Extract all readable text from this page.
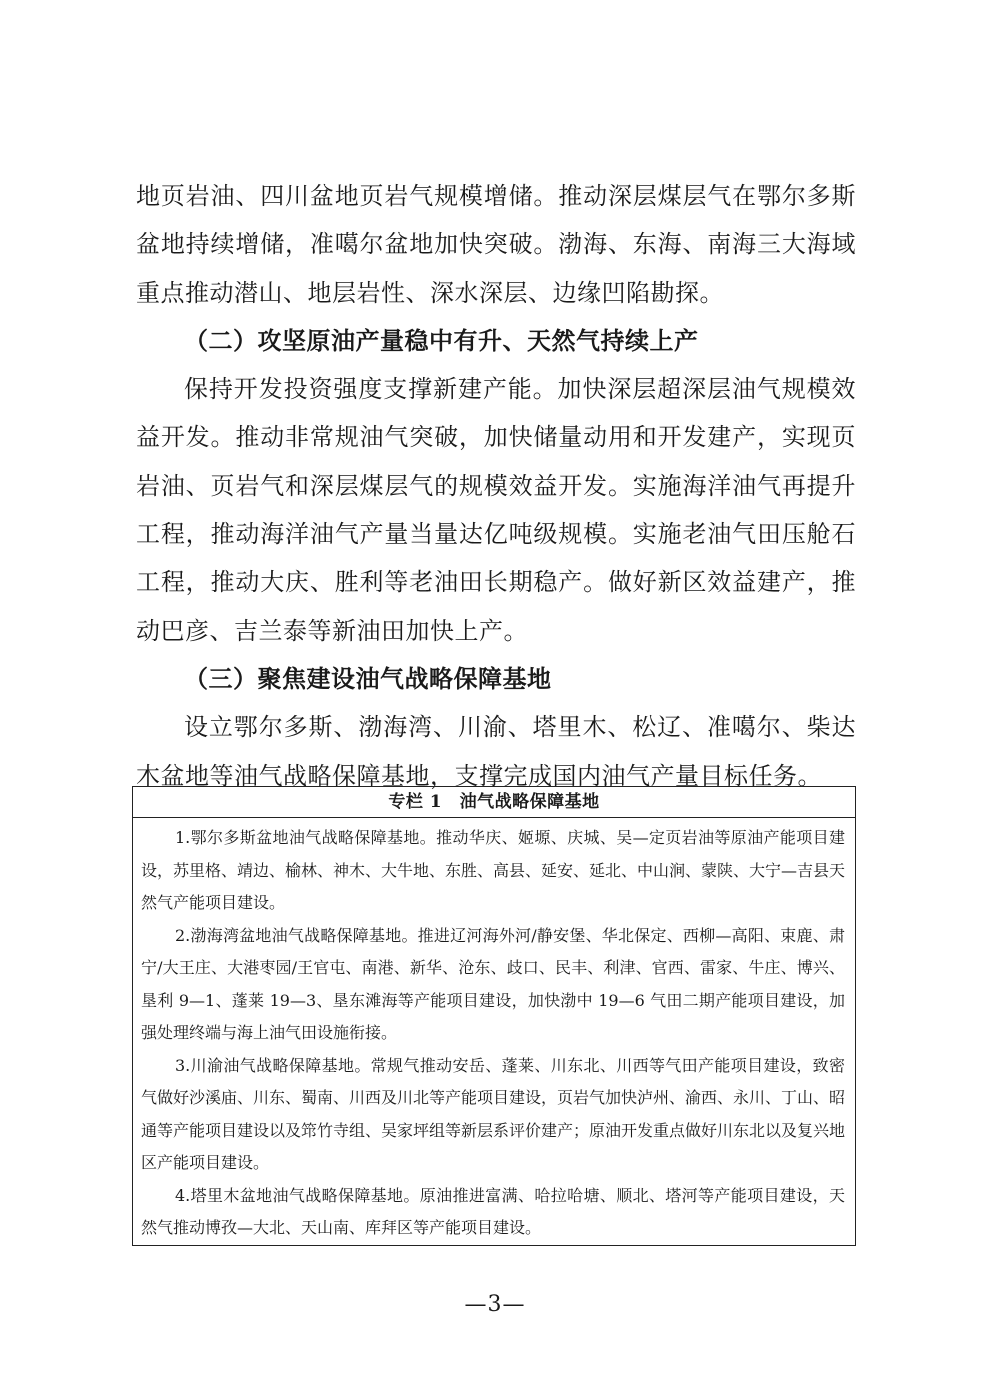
地页岩油、四川盆地页岩气规模增储。推动深层煤层气在鄂尔多斯盆地持续增储，准噶尔盆地加快突破。渤海、东海、南海三大海域重点推动潜山、地层岩性、深水深层、边缘凹陷勘探。

（二）攻坚原油产量稳中有升、天然气持续上产

保持开发投资强度支撑新建产能。加快深层超深层油气规模效益开发。推动非常规油气突破，加快储量动用和开发建产，实现页岩油、页岩气和深层煤层气的规模效益开发。实施海洋油气再提升工程，推动海洋油气产量当量达亿吨级规模。实施老油气田压舱石工程，推动大庆、胜利等老油田长期稳产。做好新区效益建产，推动巴彦、吉兰泰等新油田加快上产。

（三）聚焦建设油气战略保障基地

设立鄂尔多斯、渤海湾、川渝、塔里木、松辽、准噶尔、柴达木盆地等油气战略保障基地，支撑完成国内油气产量目标任务。

专栏 1　油气战略保障基地

1.鄂尔多斯盆地油气战略保障基地。推动华庆、姬塬、庆城、吴—定页岩油等原油产能项目建设，苏里格、靖边、榆林、神木、大牛地、东胜、高县、延安、延北、中山涧、蒙陕、大宁—吉县天然气产能项目建设。

2.渤海湾盆地油气战略保障基地。推进辽河海外河/静安堡、华北保定、西柳—高阳、束鹿、肃宁/大王庄、大港枣园/王官屯、南港、新华、沧东、歧口、民丰、利津、官西、雷家、牛庄、博兴、垦利 9—1、蓬莱 19—3、垦东滩海等产能项目建设，加快渤中 19—6 气田二期产能项目建设，加强处理终端与海上油气田设施衔接。

3.川渝油气战略保障基地。常规气推动安岳、蓬莱、川东北、川西等气田产能项目建设，致密气做好沙溪庙、川东、蜀南、川西及川北等产能项目建设，页岩气加快泸州、渝西、永川、丁山、昭通等产能项目建设以及筇竹寺组、吴家坪组等新层系评价建产；原油开发重点做好川东北以及复兴地区产能项目建设。

4.塔里木盆地油气战略保障基地。原油推进富满、哈拉哈塘、顺北、塔河等产能项目建设，天然气推动博孜—大北、天山南、库拜区等产能项目建设。

—3—
